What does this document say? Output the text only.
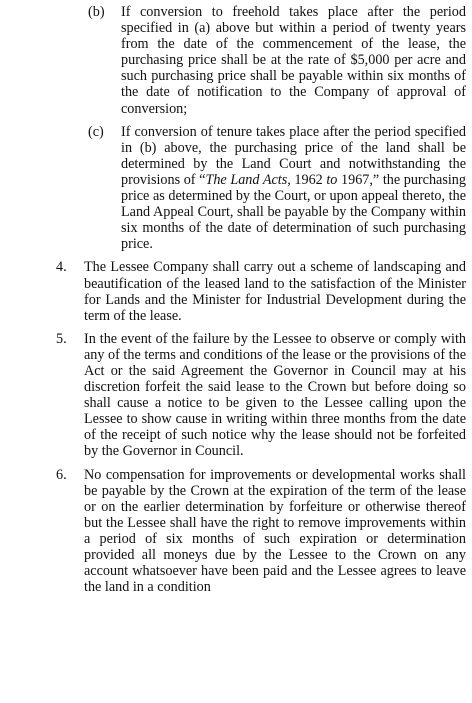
(b) If conversion to freehold takes place after the period specified in (a) above but within a period of twenty years from the date of the commencement of the lease, the purchasing price shall be at the rate of $5,000 per acre and such purchasing price shall be payable within six months of the date of notification to the Company of approval of conversion;
(c) If conversion of tenure takes place after the period specified in (b) above, the purchasing price of the land shall be determined by the Land Court and notwithstanding the provisions of “The Land Acts, 1962 to 1967,” the purchasing price as determined by the Court, or upon appeal thereto, the Land Appeal Court, shall be payable by the Company within six months of the date of determination of such purchasing price.
4. The Lessee Company shall carry out a scheme of landscaping and beautification of the leased land to the satisfaction of the Minister for Lands and the Minister for Industrial Development during the term of the lease.
5. In the event of the failure by the Lessee to observe or comply with any of the terms and conditions of the lease or the provisions of the Act or the said Agreement the Governor in Council may at his discretion forfeit the said lease to the Crown but before doing so shall cause a notice to be given to the Lessee calling upon the Lessee to show cause in writing within three months from the date of the receipt of such notice why the lease should not be forfeited by the Governor in Council.
6. No compensation for improvements or developmental works shall be payable by the Crown at the expiration of the term of the lease or on the earlier determination by forfeiture or otherwise thereof but the Lessee shall have the right to remove improvements within a period of six months of such expiration or determination provided all moneys due by the Lessee to the Crown on any account whatsoever have been paid and the Lessee agrees to leave the land in a condition
